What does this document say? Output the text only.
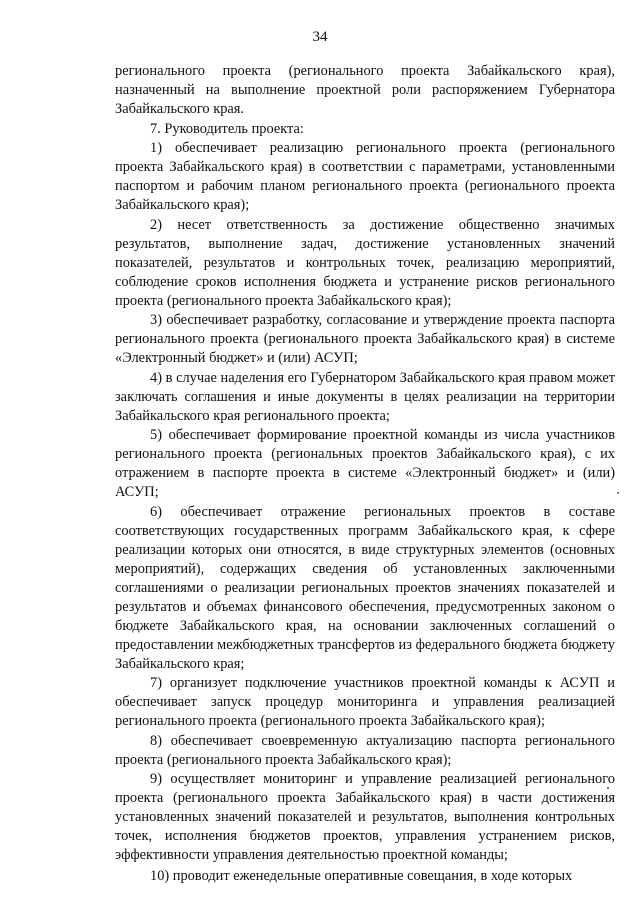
34

регионального проекта (регионального проекта Забайкальского края), назначенный на выполнение проектной роли распоряжением Губернатора Забайкальского края.

7. Руководитель проекта:

1) обеспечивает реализацию регионального проекта (регионального проекта Забайкальского края) в соответствии с параметрами, установленными паспортом и рабочим планом регионального проекта (регионального проекта Забайкальского края);

2) несет ответственность за достижение общественно значимых результатов, выполнение задач, достижение установленных значений показателей, результатов и контрольных точек, реализацию мероприятий, соблюдение сроков исполнения бюджета и устранение рисков регионального проекта (регионального проекта Забайкальского края);

3) обеспечивает разработку, согласование и утверждение проекта паспорта регионального проекта (регионального проекта Забайкальского края) в системе «Электронный бюджет» и (или) АСУП;

4) в случае наделения его Губернатором Забайкальского края правом может заключать соглашения и иные документы в целях реализации на территории Забайкальского края регионального проекта;

5) обеспечивает формирование проектной команды из числа участников регионального проекта (региональных проектов Забайкальского края), с их отражением в паспорте проекта в системе «Электронный бюджет» и (или) АСУП;

6) обеспечивает отражение региональных проектов в составе соответствующих государственных программ Забайкальского края, к сфере реализации которых они относятся, в виде структурных элементов (основных мероприятий), содержащих сведения об установленных заключенными соглашениями о реализации региональных проектов значениях показателей и результатов и объемах финансового обеспечения, предусмотренных законом о бюджете Забайкальского края, на основании заключенных соглашений о предоставлении межбюджетных трансфертов из федерального бюджета бюджету Забайкальского края;

7) организует подключение участников проектной команды к АСУП и обеспечивает запуск процедур мониторинга и управления реализацией регионального проекта (регионального проекта Забайкальского края);

8) обеспечивает своевременную актуализацию паспорта регионального проекта (регионального проекта Забайкальского края);

9) осуществляет мониторинг и управление реализацией регионального проекта (регионального проекта Забайкальского края) в части достижения установленных значений показателей и результатов, выполнения контрольных точек, исполнения бюджетов проектов, управления устранением рисков, эффективности управления деятельностью проектной команды;

10) проводит еженедельные оперативные совещания, в ходе которых
